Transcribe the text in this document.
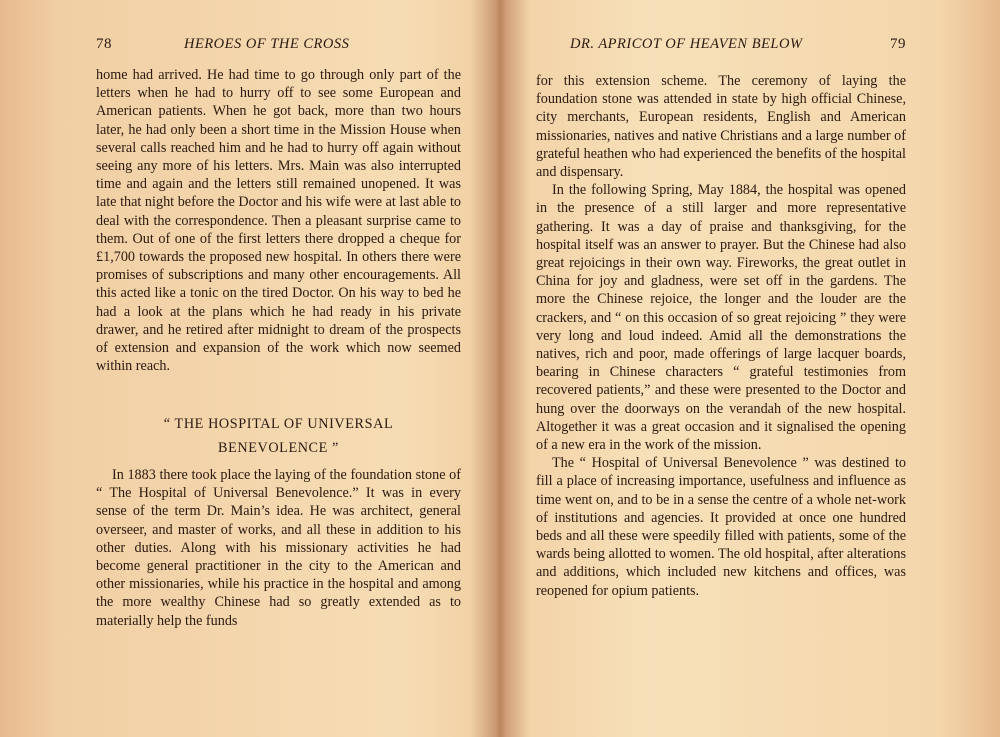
78	HEROES OF THE CROSS

home had arrived. He had time to go through only part of the letters when he had to hurry off to see some European and American patients. When he got back, more than two hours later, he had only been a short time in the Mission House when several calls reached him and he had to hurry off again without seeing any more of his letters. Mrs. Main was also interrupted time and again and the letters still remained unopened. It was late that night before the Doctor and his wife were at last able to deal with the correspondence. Then a pleasant surprise came to them. Out of one of the first letters there dropped a cheque for £1,700 towards the proposed new hospital. In others there were promises of subscriptions and many other encouragements. All this acted like a tonic on the tired Doctor. On his way to bed he had a look at the plans which he had ready in his private drawer, and he retired after midnight to dream of the prospects of extension and expansion of the work which now seemed within reach.

“ THE HOSPITAL OF UNIVERSAL
BENEVOLENCE ”

In 1883 there took place the laying of the foundation stone of “ The Hospital of Universal Benevolence.” It was in every sense of the term Dr. Main’s idea. He was architect, general overseer, and master of works, and all these in addition to his other duties. Along with his missionary activities he had become general practitioner in the city to the American and other missionaries, while his practice in the hospital and among the more wealthy Chinese had so greatly extended as to materially help the funds

DR. APRICOT OF HEAVEN BELOW	79

for this extension scheme. The ceremony of laying the foundation stone was attended in state by high official Chinese, city merchants, European residents, English and American missionaries, natives and native Christians and a large number of grateful heathen who had experienced the benefits of the hospital and dispensary.

In the following Spring, May 1884, the hospital was opened in the presence of a still larger and more representative gathering. It was a day of praise and thanksgiving, for the hospital itself was an answer to prayer. But the Chinese had also great rejoicings in their own way. Fireworks, the great outlet in China for joy and gladness, were set off in the gardens. The more the Chinese rejoice, the longer and the louder are the crackers, and “ on this occasion of so great rejoicing ” they were very long and loud indeed. Amid all the demonstrations the natives, rich and poor, made offerings of large lacquer boards, bearing in Chinese characters “ grateful testimonies from recovered patients,” and these were presented to the Doctor and hung over the doorways on the verandah of the new hospital. Altogether it was a great occasion and it signalised the opening of a new era in the work of the mission.

The “ Hospital of Universal Benevolence ” was destined to fill a place of increasing importance, usefulness and influence as time went on, and to be in a sense the centre of a whole net-work of institutions and agencies. It provided at once one hundred beds and all these were speedily filled with patients, some of the wards being allotted to women. The old hospital, after alterations and additions, which included new kitchens and offices, was reopened for opium patients.
